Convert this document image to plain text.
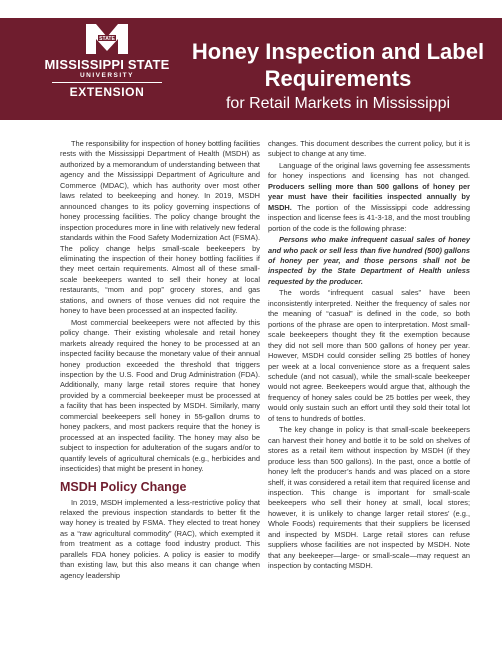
STATE
MISSISSIPPI STATE
UNIVERSITY
EXTENSION
Honey Inspection and Label Requirements
for Retail Markets in Mississippi

The responsibility for inspection of honey bottling facilities rests with the Mississippi Department of Health (MSDH) as authorized by a memorandum of understanding between that agency and the Mississippi Department of Agriculture and Commerce (MDAC), which has authority over most other laws related to beekeeping and honey. In 2019, MSDH announced changes to its policy governing inspections of honey processing facilities. The policy change brought the inspection procedures more in line with relatively new federal standards within the Food Safety Modernization Act (FSMA). The policy change helps small-scale beekeepers by eliminating the inspection of their honey bottling facilities if they meet certain requirements. Almost all of these small-scale beekeepers wanted to sell their honey at local restaurants, “mom and pop” grocery stores, and gas stations, and owners of those venues did not require the honey to have been processed at an inspected facility.

Most commercial beekeepers were not affected by this policy change. Their existing wholesale and retail honey markets already required the honey to be processed at an inspected facility because the monetary value of their annual honey production exceeded the threshold that triggers inspection by the U.S. Food and Drug Administration (FDA). Additionally, many large retail stores require that honey provided by a commercial beekeeper must be processed at a facility that has been inspected by MSDH. Similarly, many commercial beekeepers sell honey in 55-gallon drums to honey packers, and most packers require that the honey is processed at an inspected facility. The honey may also be subject to inspection for adulteration of the sugars and/or to quantify levels of agricultural chemicals (e.g., herbicides and insecticides) that might be present in honey.

MSDH Policy Change

In 2019, MSDH implemented a less-restrictive policy that relaxed the previous inspection standards to better fit the way honey is treated by FSMA. They elected to treat honey as a “raw agricultural commodity” (RAC), which exempted it from treatment as a cottage food industry product. This parallels FDA honey policies. A policy is easier to modify than existing law, but this also means it can change when agency leadership

changes. This document describes the current policy, but it is subject to change at any time.

Language of the original laws governing fee assessments for honey inspections and licensing has not changed. Producers selling more than 500 gallons of honey per year must have their facilities inspected annually by MSDH. The portion of the Mississippi code addressing inspection and license fees is 41-3-18, and the most troubling portion of the code is the following phrase:

Persons who make infrequent casual sales of honey and who pack or sell less than five hundred (500) gallons of honey per year, and those persons shall not be inspected by the State Department of Health unless requested by the producer.

The words “infrequent casual sales” have been inconsistently interpreted. Neither the frequency of sales nor the meaning of “casual” is defined in the code, so both portions of the phrase are open to interpretation. Most small-scale beekeepers thought they fit the exemption because they did not sell more than 500 gallons of honey per year. However, MSDH could consider selling 25 bottles of honey per week at a local convenience store as a frequent sales schedule (and not casual), while the small-scale beekeeper would not agree. Beekeepers would argue that, although the frequency of honey sales could be 25 bottles per week, they would only sustain such an effort until they sold their total lot of tens to hundreds of bottles.

The key change in policy is that small-scale beekeepers can harvest their honey and bottle it to be sold on shelves of stores as a retail item without inspection by MSDH (if they produce less than 500 gallons). In the past, once a bottle of honey left the producer’s hands and was placed on a store shelf, it was considered a retail item that required license and inspection. This change is important for small-scale beekeepers who sell their honey at small, local stores; however, it is unlikely to change larger retail stores’ (e.g., Whole Foods) requirements that their suppliers be licensed and inspected by MSDH. Large retail stores can refuse suppliers whose facilities are not inspected by MSDH. Note that any beekeeper—large- or small-scale—may request an inspection by contacting MSDH.
